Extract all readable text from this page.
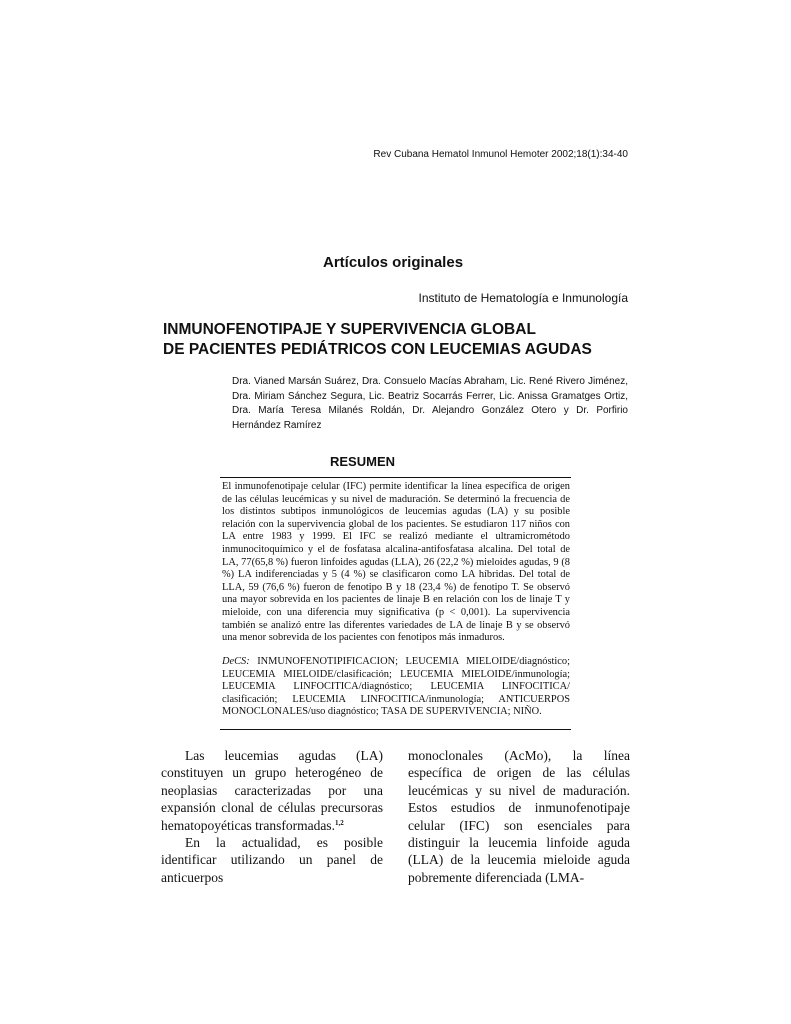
Rev Cubana Hematol Inmunol Hemoter 2002;18(1):34-40
Artículos originales
Instituto de Hematología e Inmunología
INMUNOFENOTIPAJE Y SUPERVIVENCIA GLOBAL
DE PACIENTES PEDIÁTRICOS CON LEUCEMIAS AGUDAS
Dra. Vianed Marsán Suárez, Dra. Consuelo Macías Abraham, Lic. René Rivero Jiménez, Dra. Miriam Sánchez Segura, Lic. Beatriz Socarrás Ferrer, Lic. Anissa Gramatges Ortiz, Dra. María Teresa Milanés Roldán, Dr. Alejandro González Otero y Dr. Porfirio Hernández Ramírez
RESUMEN

El inmunofenotipaje celular (IFC) permite identificar la línea específica de origen de las células leucémicas y su nivel de maduración. Se determinó la frecuencia de los distintos subtipos inmunológicos de leucemias agudas (LA) y su posible relación con la supervivencia global de los pacientes. Se estudiaron 117 niños con LA entre 1983 y 1999. El IFC se realizó mediante el ultramicrométodo inmunocitoquímico y el de fosfatasa alcalina-antifosfatasa alcalina. Del total de LA, 77(65,8 %) fueron linfoides agudas (LLA), 26 (22,2 %) mieloides agudas, 9 (8 %) LA indiferenciadas y 5 (4 %) se clasificaron como LA híbridas. Del total de LLA, 59 (76,6 %) fueron de fenotipo B y 18 (23,4 %) de fenotipo T. Se observó una mayor sobrevida en los pacientes de linaje B en relación con los de linaje T y mieloide, con una diferencia muy significativa (p < 0,001). La supervivencia también se analizó entre las diferentes variedades de LA de linaje B y se observó una menor sobrevida de los pacientes con fenotipos más inmaduros.

DeCS: INMUNOFENOTIPIFICACION; LEUCEMIA MIELOIDE/diagnóstico; LEUCEMIA MIELOIDE/clasificación; LEUCEMIA MIELOIDE/inmunología; LEUCEMIA LINFOCITICA/diagnóstico; LEUCEMIA LINFOCITICA/ clasificación; LEUCEMIA LINFOCITICA/inmunología; ANTICUERPOS MONOCLONALES/uso diagnóstico; TASA DE SUPERVIVENCIA; NIÑO.

Las leucemias agudas (LA) constituyen un grupo heterogéneo de neoplasias caracterizadas por una expansión clonal de células precursoras hematopoyéticas transformadas.$^{1,2}$

En la actualidad, es posible identificar utilizando un panel de anticuerpos

monoclonales (AcMo), la línea específica de origen de las células leucémicas y su nivel de maduración. Estos estudios de inmunofenotipaje celular (IFC) son esenciales para distinguir la leucemia linfoide aguda (LLA) de la leucemia mieloide aguda pobremente diferenciada (LMA-
